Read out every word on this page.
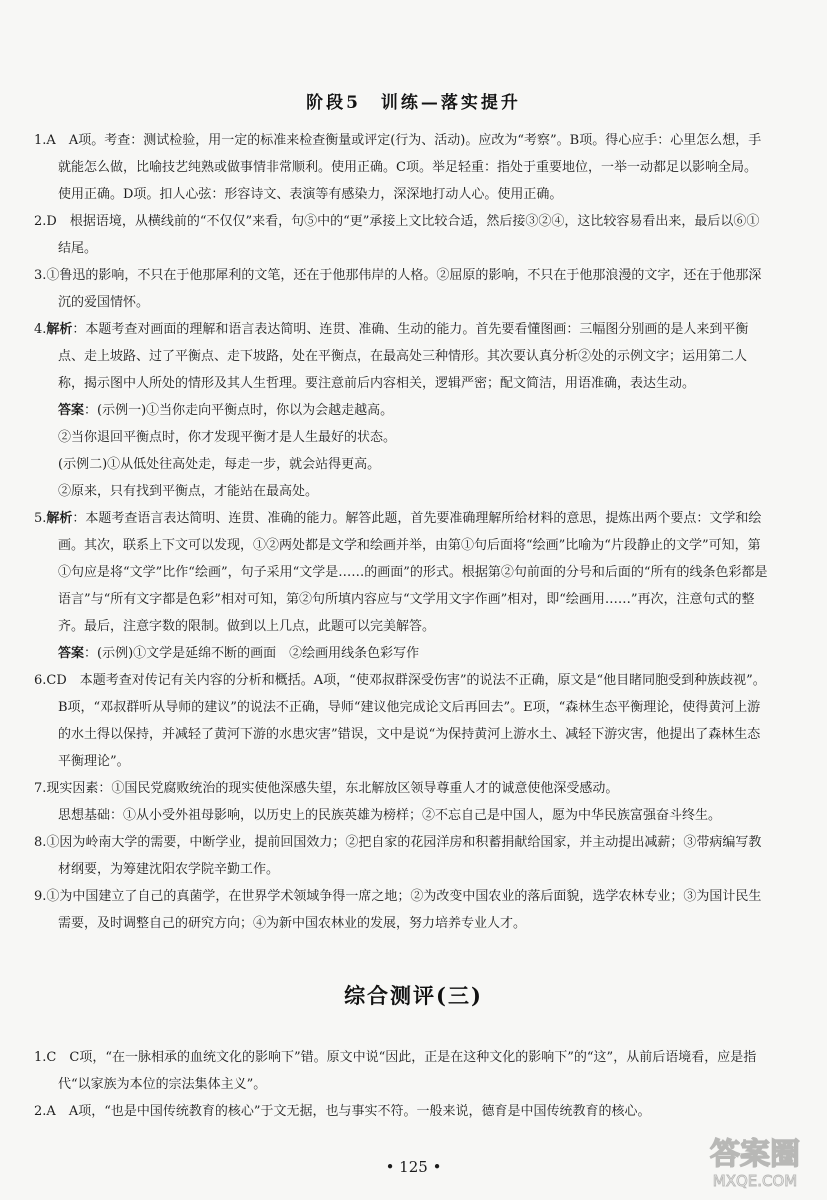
阶段5　训练—落实提升

1.A　 A项。考查：测试检验，用一定的标准来检查衡量或评定(行为、活动)。应改为“考察”。B项。得心应手：心里怎么想，手就能怎么做，比喻技艺纯熟或做事情非常顺利。使用正确。C项。举足轻重：指处于重要地位，一举一动都足以影响全局。使用正确。D项。扣人心弦：形容诗文、表演等有感染力，深深地打动人心。使用正确。

2.D　 根据语境，从横线前的“不仅仅”来看，句⑤中的“更”承接上文比较合适，然后接③②④，这比较容易看出来，最后以⑥①结尾。

3.①鲁迅的影响，不只在于他那犀利的文笔，还在于他那伟岸的人格。②屈原的影响，不只在于他那浪漫的文字，还在于他那深沉的爱国情怀。

4.解析：本题考查对画面的理解和语言表达简明、连贯、准确、生动的能力。首先要看懂图画：三幅图分别画的是人来到平衡点、走上坡路、过了平衡点、走下坡路，处在平衡点，在最高处三种情形。其次要认真分析②处的示例文字；运用第二人称，揭示图中人所处的情形及其人生哲理。要注意前后内容相关，逻辑严密；配文简洁，用语准确，表达生动。

答案：(示例一)①当你走向平衡点时，你以为会越走越高。

②当你退回平衡点时，你才发现平衡才是人生最好的状态。

(示例二)①从低处往高处走，每走一步，就会站得更高。

②原来，只有找到平衡点，才能站在最高处。

5.解析：本题考查语言表达简明、连贯、准确的能力。解答此题，首先要准确理解所给材料的意思，提炼出两个要点：文学和绘画。其次，联系上下文可以发现，①②两处都是文学和绘画并举，由第①句后面将“绘画”比喻为“片段静止的文学”可知，第①句应是将“文学”比作“绘画”，句子采用“文学是……的画面”的形式。根据第②句前面的分号和后面的“所有的线条色彩都是语言”与“所有文字都是色彩”相对可知，第②句所填内容应与“文学用文字作画”相对，即“绘画用……”再次，注意句式的整齐。最后，注意字数的限制。做到以上几点，此题可以完美解答。

答案：(示例)①文学是延绵不断的画面　②绘画用线条色彩写作

6.CD　 本题考查对传记有关内容的分析和概括。A项，“使邓叔群深受伤害”的说法不正确，原文是“他目睹同胞受到种族歧视”。B项，“邓叔群听从导师的建议”的说法不正确，导师“建议他完成论文后再回去”。E项，“森林生态平衡理论，使得黄河上游的水土得以保持，并减轻了黄河下游的水患灾害”错误，文中是说“为保持黄河上游水土、减轻下游灾害，他提出了森林生态平衡理论”。

7.现实因素：①国民党腐败统治的现实使他深感失望，东北解放区领导尊重人才的诚意使他深受感动。

思想基础：①从小受外祖母影响，以历史上的民族英雄为榜样；②不忘自己是中国人，愿为中华民族富强奋斗终生。

8.①因为岭南大学的需要，中断学业，提前回国效力；②把自家的花园洋房和积蓄捐献给国家，并主动提出减薪；③带病编写教材纲要，为筹建沈阳农学院辛勤工作。

9.①为中国建立了自己的真菌学，在世界学术领域争得一席之地；②为改变中国农业的落后面貌，选学农林专业；③为国计民生需要，及时调整自己的研究方向；④为新中国农林业的发展，努力培养专业人才。

综合测评(三)

1.C　 C项，“在一脉相承的血统文化的影响下”错。原文中说“因此，正是在这种文化的影响下”的“这”，从前后语境看，应是指代“以家族为本位的宗法集体主义”。

2.A　 A项，“也是中国传统教育的核心”于文无据，也与事实不符。一般来说，德育是中国传统教育的核心。

• 125 •	答案圈
MXQE.COM
